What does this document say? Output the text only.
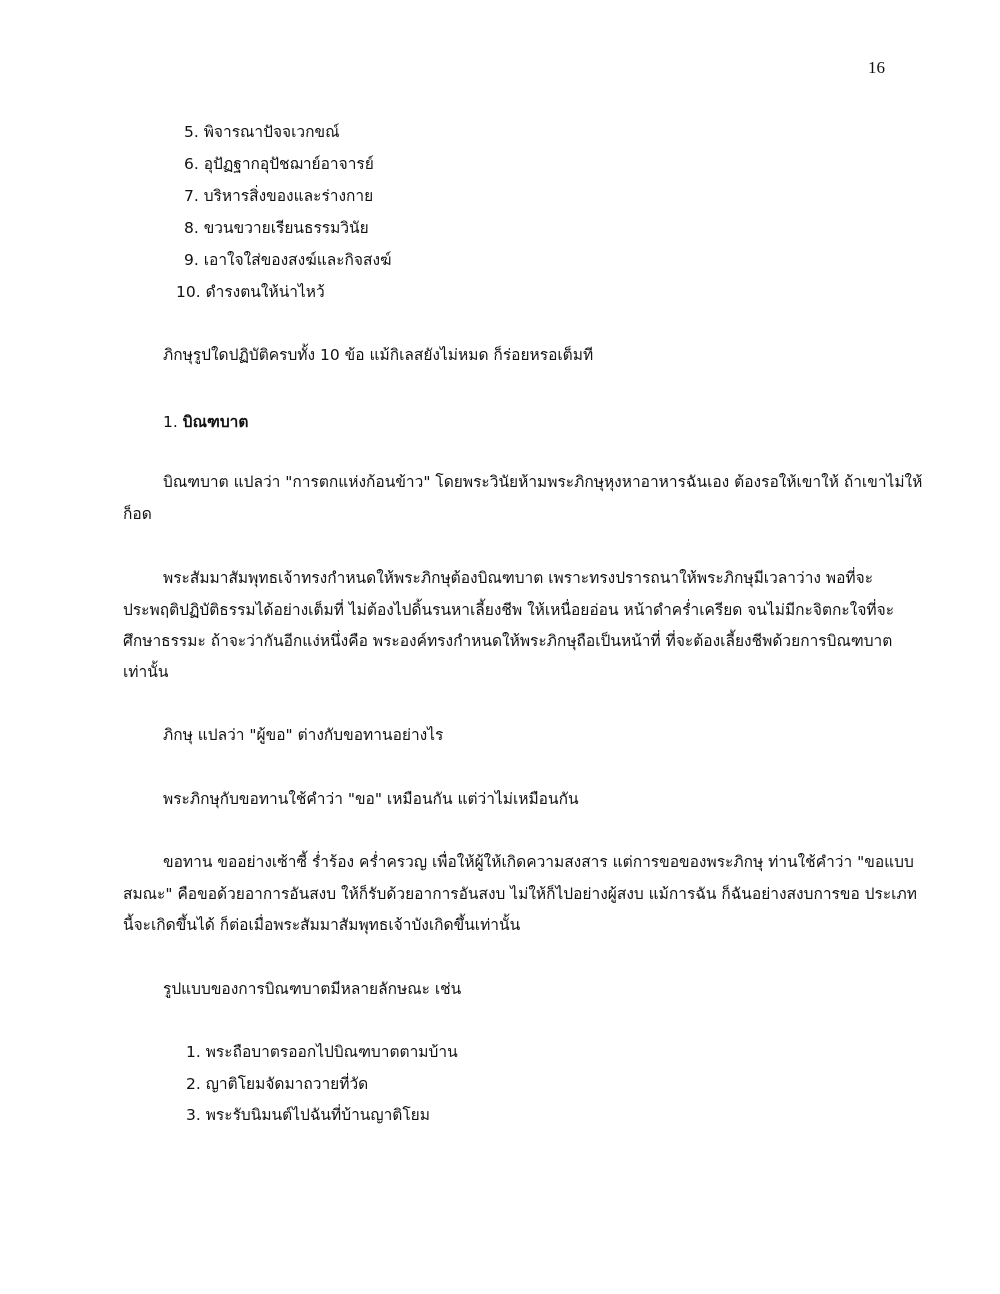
16
5. พิจารณาปัจจเวกขณ์
6. อุปัฏฐากอุปัชฌาย์อาจารย์
7. บริหารสิ่งของและร่างกาย
8. ขวนขวายเรียนธรรมวินัย
9. เอาใจใส่ของสงฆ์และกิจสงฆ์
10. ดำรงตนให้น่าไหว้
ภิกษุรูปใดปฏิบัติครบทั้ง 10 ข้อ แม้กิเลสยังไม่หมด ก็ร่อยหรอเต็มที
1. บิณฑบาต
บิณฑบาต แปลว่า "การตกแห่งก้อนข้าว" โดยพระวินัยห้ามพระภิกษุหุงหาอาหารฉันเอง ต้องรอให้เขาให้ ถ้าเขาไม่ให้
ก็อด
พระสัมมาสัมพุทธเจ้าทรงกำหนดให้พระภิกษุต้องบิณฑบาต เพราะทรงปรารถนาให้พระภิกษุมีเวลาว่าง พอที่จะ
ประพฤติปฏิบัติธรรมได้อย่างเต็มที่ ไม่ต้องไปดิ้นรนหาเลี้ยงชีพ ให้เหนื่อยอ่อน หน้าดำคร่ำเครียด จนไม่มีกะจิตกะใจที่จะ
ศึกษาธรรมะ ถ้าจะว่ากันอีกแง่หนึ่งคือ พระองค์ทรงกำหนดให้พระภิกษุถือเป็นหน้าที่ ที่จะต้องเลี้ยงชีพด้วยการบิณฑบาต
เท่านั้น
ภิกษุ แปลว่า "ผู้ขอ" ต่างกับขอทานอย่างไร
พระภิกษุกับขอทานใช้คำว่า "ขอ" เหมือนกัน แต่ว่าไม่เหมือนกัน
ขอทาน ขออย่างเซ้าซี้ ร่ำร้อง คร่ำครวญ เพื่อให้ผู้ให้เกิดความสงสาร แต่การขอของพระภิกษุ ท่านใช้คำว่า "ขอแบบ
สมณะ" คือขอด้วยอาการอันสงบ ให้ก็รับด้วยอาการอันสงบ ไม่ให้ก็ไปอย่างผู้สงบ แม้การฉัน ก็ฉันอย่างสงบการขอ ประเภท
นี้จะเกิดขึ้นได้ ก็ต่อเมื่อพระสัมมาสัมพุทธเจ้าบังเกิดขึ้นเท่านั้น
รูปแบบของการบิณฑบาตมีหลายลักษณะ เช่น
1. พระถือบาตรออกไปบิณฑบาตตามบ้าน
2. ญาติโยมจัดมาถวายที่วัด
3. พระรับนิมนต์ไปฉันที่บ้านญาติโยม
